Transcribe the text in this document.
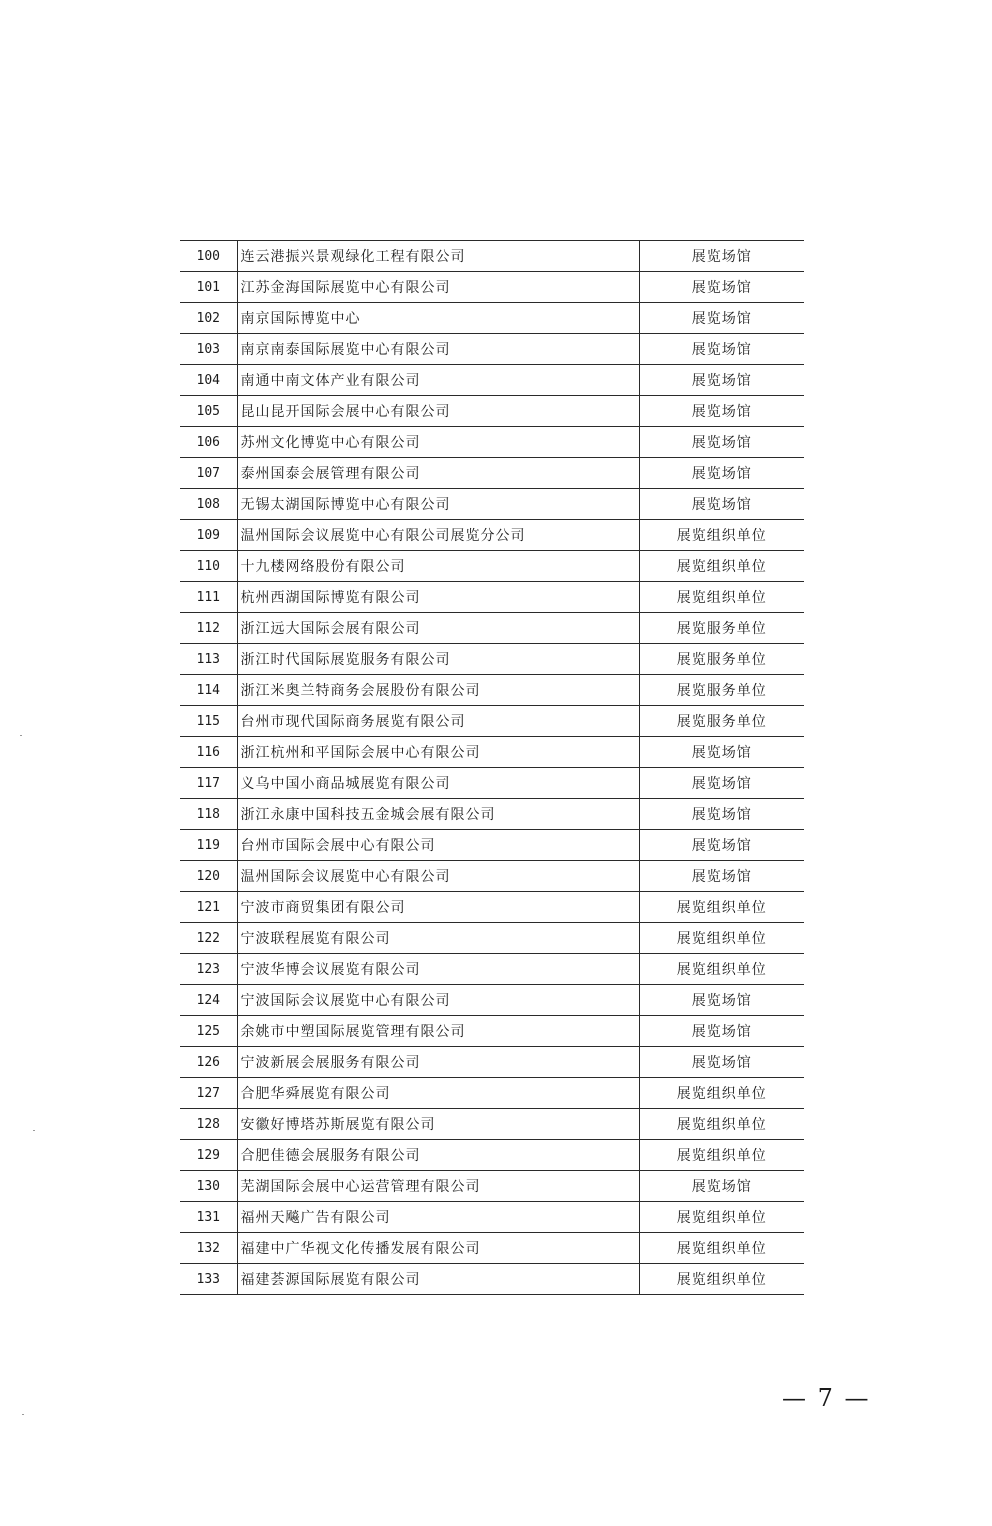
100	连云港振兴景观绿化工程有限公司	展览场馆
101	江苏金海国际展览中心有限公司	展览场馆
102	南京国际博览中心	展览场馆
103	南京南泰国际展览中心有限公司	展览场馆
104	南通中南文体产业有限公司	展览场馆
105	昆山昆开国际会展中心有限公司	展览场馆
106	苏州文化博览中心有限公司	展览场馆
107	泰州国泰会展管理有限公司	展览场馆
108	无锡太湖国际博览中心有限公司	展览场馆
109	温州国际会议展览中心有限公司展览分公司	展览组织单位
110	十九楼网络股份有限公司	展览组织单位
111	杭州西湖国际博览有限公司	展览组织单位
112	浙江远大国际会展有限公司	展览服务单位
113	浙江时代国际展览服务有限公司	展览服务单位
114	浙江米奥兰特商务会展股份有限公司	展览服务单位
115	台州市现代国际商务展览有限公司	展览服务单位
116	浙江杭州和平国际会展中心有限公司	展览场馆
117	义乌中国小商品城展览有限公司	展览场馆
118	浙江永康中国科技五金城会展有限公司	展览场馆
119	台州市国际会展中心有限公司	展览场馆
120	温州国际会议展览中心有限公司	展览场馆
121	宁波市商贸集团有限公司	展览组织单位
122	宁波联程展览有限公司	展览组织单位
123	宁波华博会议展览有限公司	展览组织单位
124	宁波国际会议展览中心有限公司	展览场馆
125	余姚市中塑国际展览管理有限公司	展览场馆
126	宁波新展会展服务有限公司	展览场馆
127	合肥华舜展览有限公司	展览组织单位
128	安徽好博塔苏斯展览有限公司	展览组织单位
129	合肥佳德会展服务有限公司	展览组织单位
130	芜湖国际会展中心运营管理有限公司	展览场馆
131	福州天飚广告有限公司	展览组织单位
132	福建中广华视文化传播发展有限公司	展览组织单位
133	福建荟源国际展览有限公司	展览组织单位
— 7 —
